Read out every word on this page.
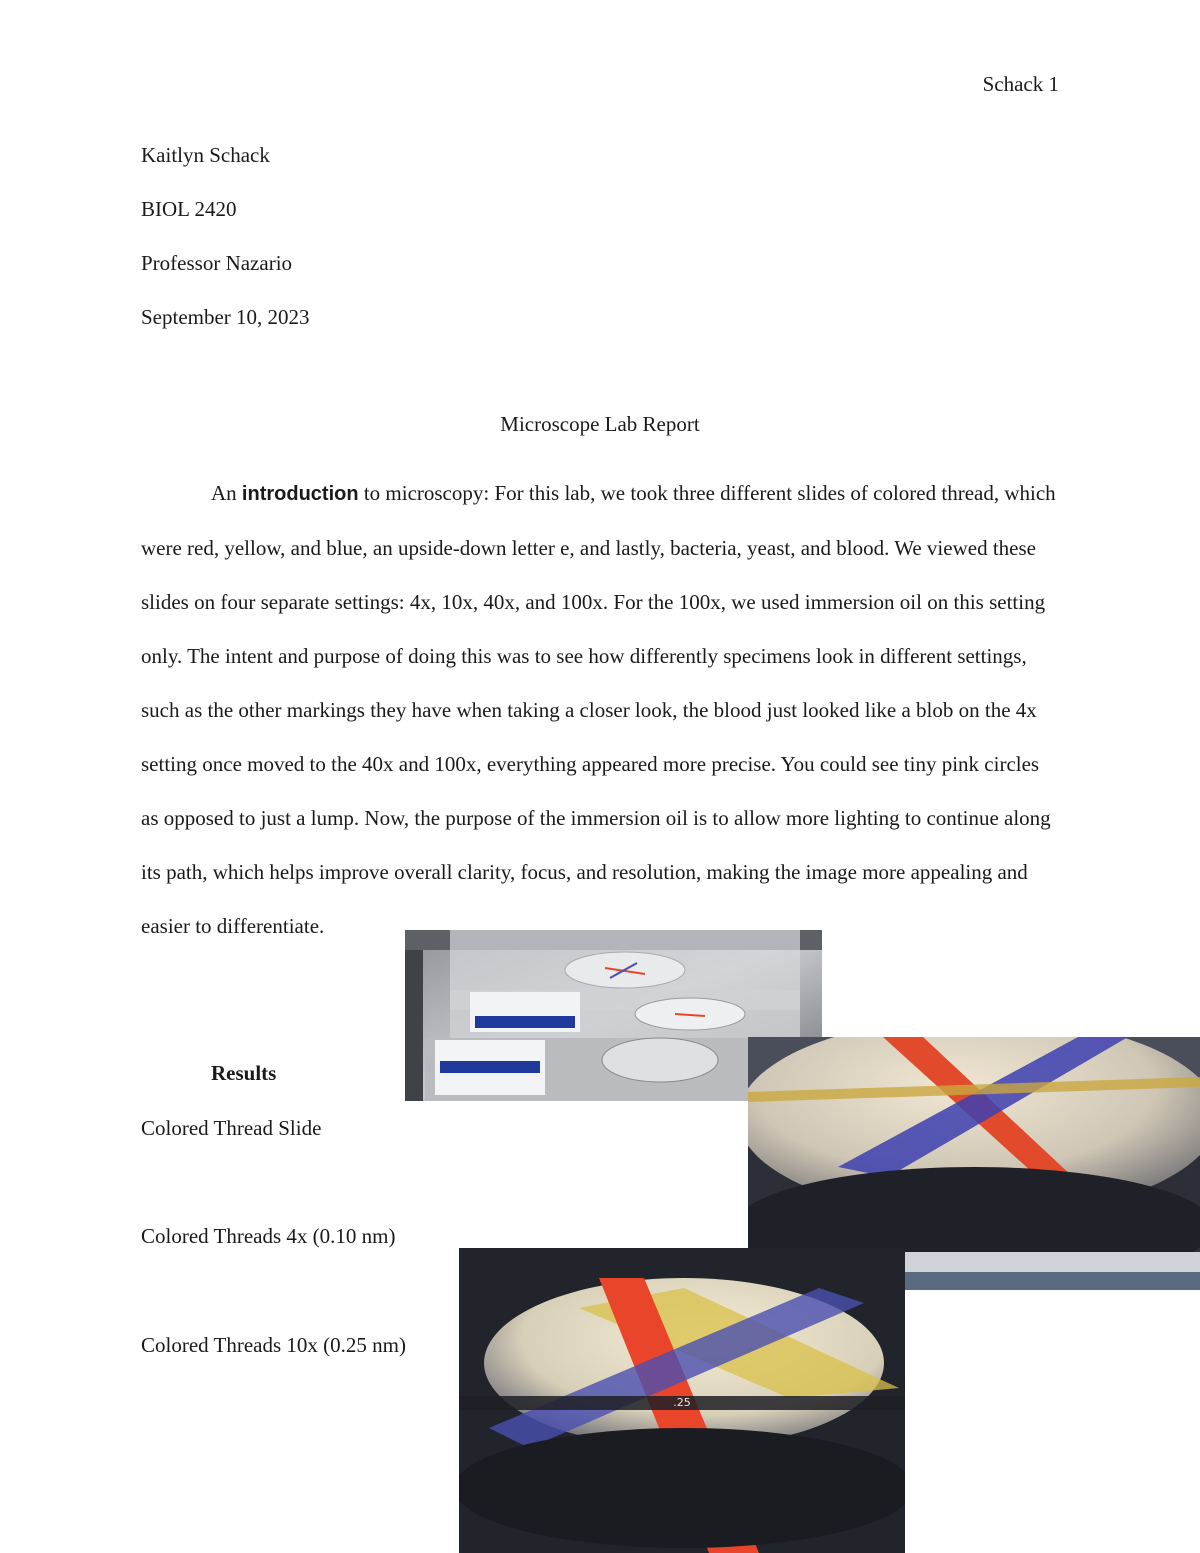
Schack 1
Kaitlyn Schack
BIOL 2420
Professor Nazario
September 10, 2023
Microscope Lab Report

An introduction to microscopy: For this lab, we took three different slides of colored thread, which were red, yellow, and blue, an upside-down letter e, and lastly, bacteria, yeast, and blood. We viewed these slides on four separate settings: 4x, 10x, 40x, and 100x. For the 100x, we used immersion oil on this setting only. The intent and purpose of doing this was to see how differently specimens look in different settings, such as the other markings they have when taking a closer look, the blood just looked like a blob on the 4x setting once moved to the 40x and 100x, everything appeared more precise. You could see tiny pink circles as opposed to just a lump. Now, the purpose of the immersion oil is to allow more lighting to continue along its path, which helps improve overall clarity, focus, and resolution, making the image more appealing and easier to differentiate.

Results
Colored Thread Slide
Colored Threads 4x (0.10 nm)
Colored Threads 10x (0.25 nm)
.25
